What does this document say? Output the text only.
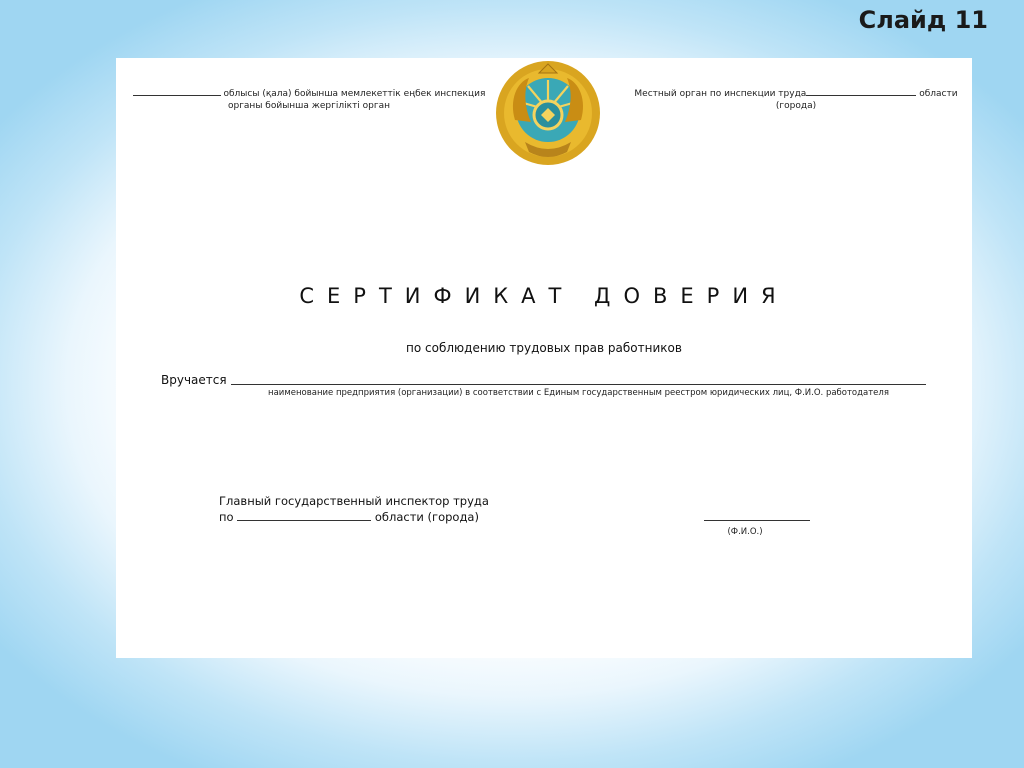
Слайд 11
облысы (қала) бойынша мемлекеттік еңбек инспекция
органы бойынша жергілікті орган
Местный орган по инспекции труда	области
(города)
СЕРТИФИКАТ ДОВЕРИЯ
по соблюдению трудовых прав работников
Вручается
наименование предприятия (организации) в соответствии с Единым государственным реестром юридических лиц, Ф.И.О. работодателя
Главный государственный инспектор труда
по	области (города)
(Ф.И.О.)
